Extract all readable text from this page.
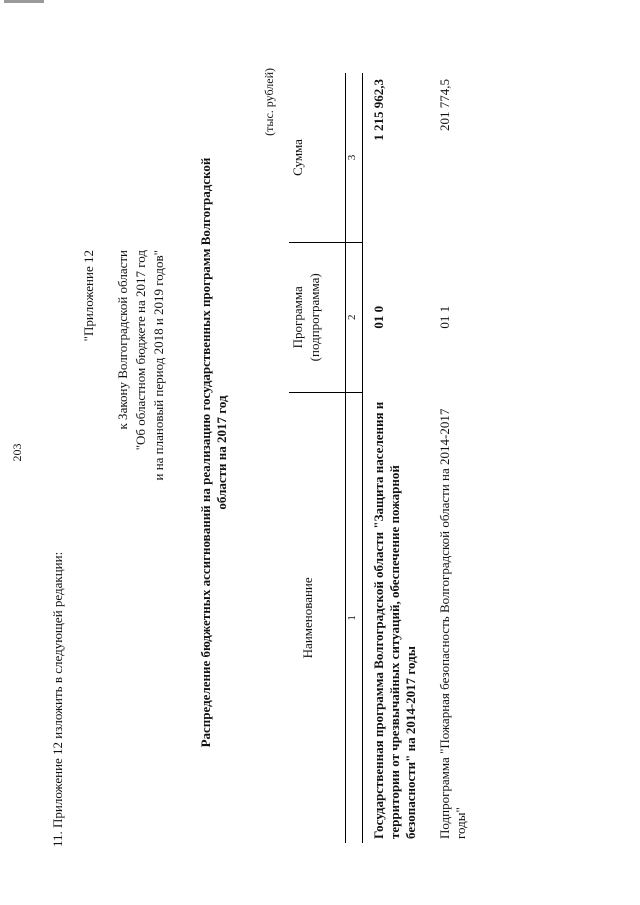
203
11. Приложение 12 изложить в следующей редакции:
"Приложение 12 к Закону Волгоградской области "Об областном бюджете на 2017 год и на плановый период 2018 и 2019 годов" Распределение бюджетных ассигнований на реализацию государственных программ Волгоградской области на 2017 год
(тыс. рублей)
Наименование	Программа (подпрограмма)	Сумма

1	2	3
Государственная программа Волгоградской области "Защита населения и территории от чрезвычайных ситуаций, обеспечение пожарной безопасности" на 2014-2017 годы	01 0	1 215 962,3
Подпрограмма "Пожарная безопасность Волгоградской области на 2014-2017 годы"	01 1	201 774,5
